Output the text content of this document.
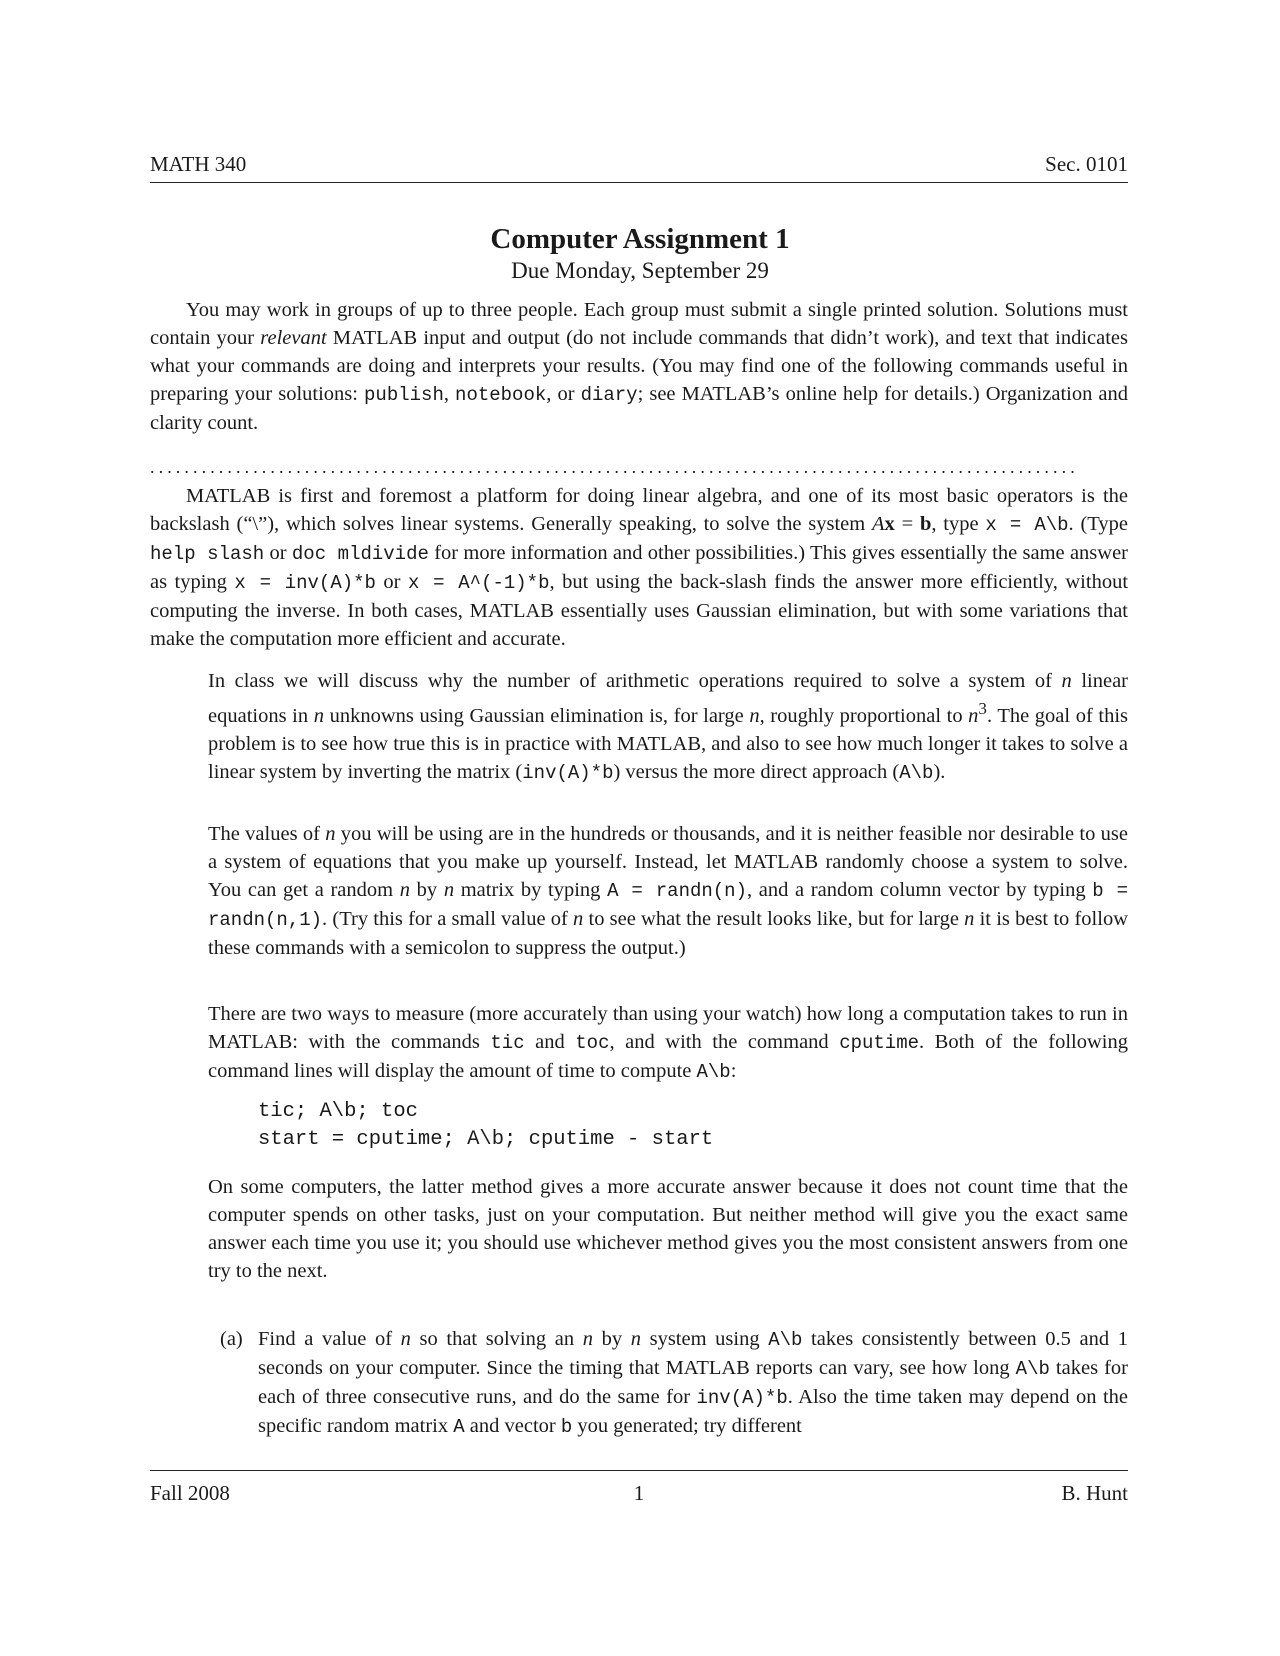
MATH 340	Sec. 0101
Computer Assignment 1
Due Monday, September 29
You may work in groups of up to three people. Each group must submit a single printed solution. Solutions must contain your relevant MATLAB input and output (do not include commands that didn’t work), and text that indicates what your commands are doing and interprets your results. (You may find one of the following commands useful in preparing your solutions: publish, notebook, or diary; see MATLAB’s online help for details.) Organization and clarity count.
............................................................................................................
MATLAB is first and foremost a platform for doing linear algebra, and one of its most basic operators is the backslash (“\”), which solves linear systems. Generally speaking, to solve the system Ax = b, type x = A\b. (Type help slash or doc mldivide for more information and other possibilities.) This gives essentially the same answer as typing x = inv(A)*b or x = A^(-1)*b, but using the back-slash finds the answer more efficiently, without computing the inverse. In both cases, MATLAB essentially uses Gaussian elimination, but with some variations that make the computation more efficient and accurate.
In class we will discuss why the number of arithmetic operations required to solve a system of n linear equations in n unknowns using Gaussian elimination is, for large n, roughly proportional to $n^3$. The goal of this problem is to see how true this is in practice with MATLAB, and also to see how much longer it takes to solve a linear system by inverting the matrix (inv(A)*b) versus the more direct approach (A\b).
The values of n you will be using are in the hundreds or thousands, and it is neither feasible nor desirable to use a system of equations that you make up yourself. Instead, let MATLAB randomly choose a system to solve. You can get a random n by n matrix by typing A = randn(n), and a random column vector by typing b = randn(n,1). (Try this for a small value of n to see what the result looks like, but for large n it is best to follow these commands with a semicolon to suppress the output.)
There are two ways to measure (more accurately than using your watch) how long a computation takes to run in MATLAB: with the commands tic and toc, and with the command cputime. Both of the following command lines will display the amount of time to compute A\b:
tic; A\b; toc
start = cputime; A\b; cputime - start
On some computers, the latter method gives a more accurate answer because it does not count time that the computer spends on other tasks, just on your computation. But neither method will give you the exact same answer each time you use it; you should use whichever method gives you the most consistent answers from one try to the next.
(a) Find a value of n so that solving an n by n system using A\b takes consistently between 0.5 and 1 seconds on your computer. Since the timing that MATLAB reports can vary, see how long A\b takes for each of three consecutive runs, and do the same for inv(A)*b. Also the time taken may depend on the specific random matrix A and vector b you generated; try different
Fall 2008	1	B. Hunt
